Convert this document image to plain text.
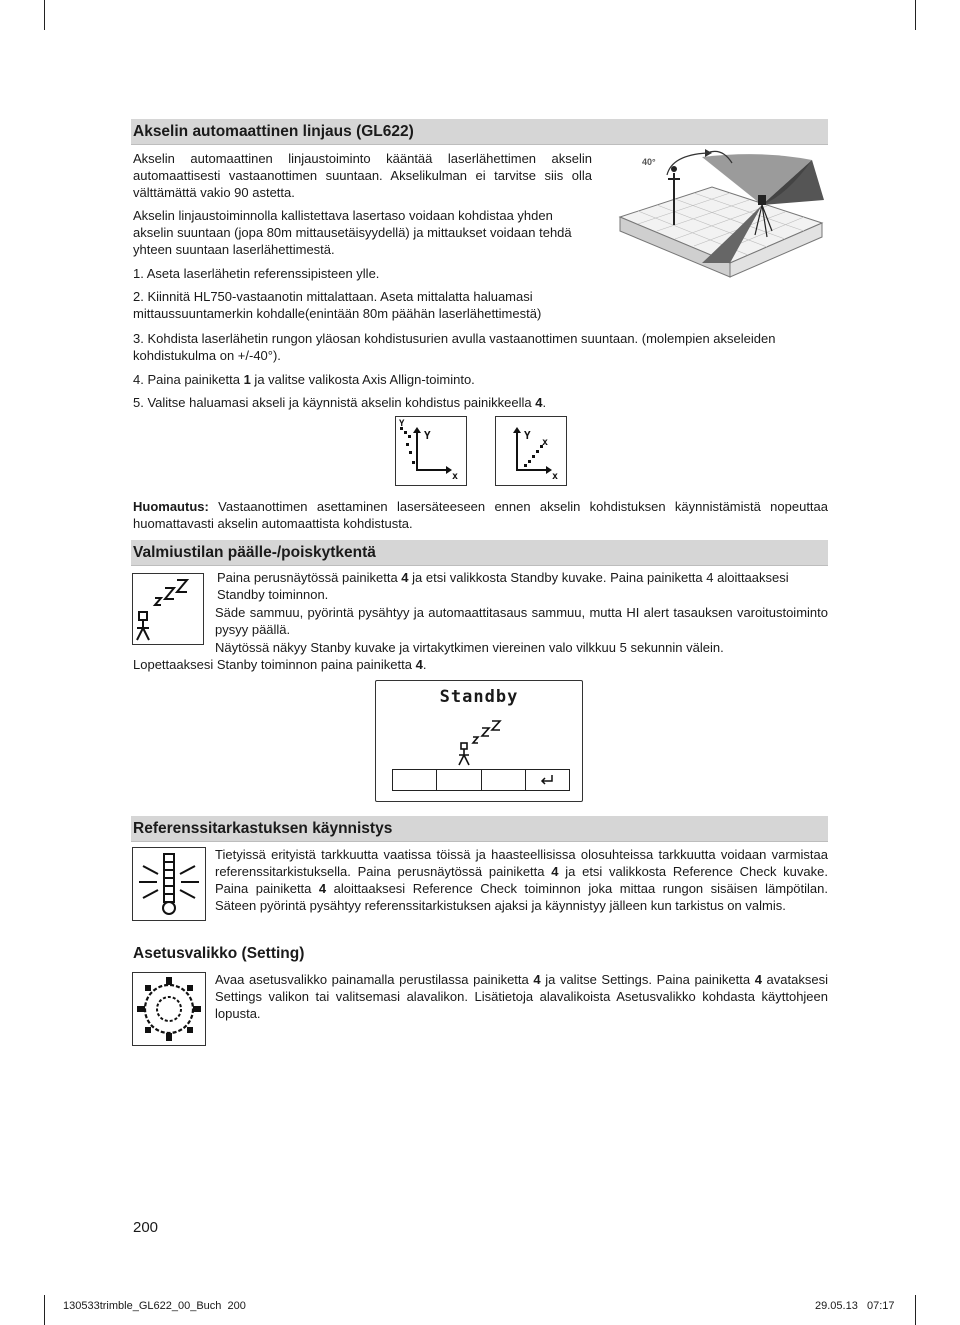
Akselin automaattinen linjaus (GL622)
Akselin automaattinen linjaustoiminto kääntää laserlähettimen akselin automaattisesti vastaanottimen suuntaan. Akselikulman ei tarvitse siis olla välttämättä vakio 90 astetta.
Akselin linjaustoiminnolla kallistettava lasertaso voidaan kohdistaa yhden akselin suuntaan (jopa 80m mittausetäisyydellä) ja mittaukset voidaan tehdä yhteen suuntaan laserlähettimestä.
1. Aseta laserlähetin referenssipisteen ylle.
2. Kiinnitä HL750-vastaanotin mittalattaan. Aseta mittalatta haluamasi mittaussuuntamerkin kohdalle(enintään 80m päähän laserlähettimestä)
3. Kohdista laserlähetin rungon yläosan kohdistusurien avulla vastaanottimen suuntaan. (molempien akseleiden kohdistukulma on +/-40°).
4. Paina painiketta 1 ja valitse valikosta Axis Allign-toiminto.
5. Valitse haluamasi akseli ja käynnistä akselin kohdistus painikkeella 4.
40°
Y
Y
x
Y
x
x
Huomautus: Vastaanottimen asettaminen lasersäteeseen ennen akselin kohdistuksen käynnistämistä nopeuttaa huomattavasti akselin automaattista kohdistusta.
Valmiustilan päälle-/poiskytkentä
Paina perusnäytössä painiketta 4 ja etsi valikkosta Standby kuvake. Paina painiketta 4 aloittaaksesi Standby toiminnon.
Säde sammuu, pyörintä pysähtyy ja automaattitasaus sammuu, mutta HI alert tasauksen varoitustoiminto pysyy päällä.
Näytössä näkyy Stanby kuvake ja virtakytkimen viereinen valo vilkkuu 5 sekunnin välein.
Lopettaaksesi Stanby toiminnon paina painiketta 4.
Standby
Referenssitarkastuksen käynnistys
Tietyissä erityistä tarkkuutta vaatissa töissä ja haasteellisissa olosuhteissa tarkkuutta voidaan varmistaa referenssitarkistuksella. Paina perusnäytössä painiketta 4 ja etsi valikkosta Reference Check kuvake. Paina painiketta 4 aloittaaksesi Reference Check toiminnon joka mittaa rungon sisäisen lämpötilan. Säteen pyörintä pysähtyy referenssitarkistuksen ajaksi ja käynnistyy jälleen kun tarkistus on valmis.
Asetusvalikko (Setting)
Avaa asetusvalikko painamalla perustilassa painiketta 4 ja valitse Settings. Paina painiketta 4 avataksesi Settings valikon tai valitsemasi alavalikon. Lisätietoja alavalikoista Asetusvalikko kohdasta käyttohjeen lopusta.
200
130533trimble_GL622_00_Buch 200	29.05.13 07:17
